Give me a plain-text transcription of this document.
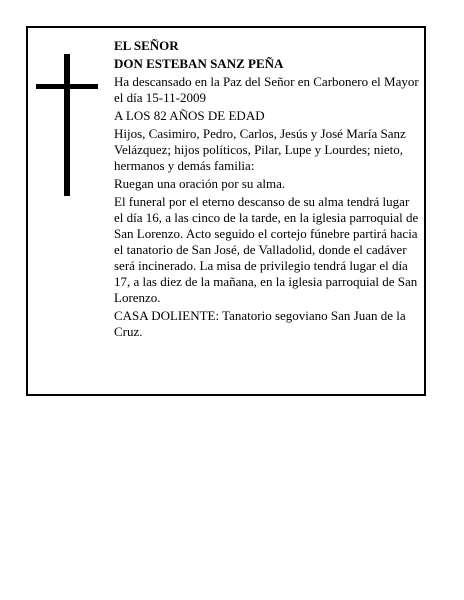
EL SEÑOR

DON ESTEBAN SANZ PEÑA

Ha descansado en la Paz del Señor en Carbonero el Mayor el día 15-11-2009

A LOS 82 AÑOS DE EDAD

Hijos, Casimiro, Pedro, Carlos, Jesús y José María Sanz Velázquez; hijos políticos, Pilar, Lupe y Lourdes; nieto, hermanos y demás familia:

Ruegan una oración por su alma.

El funeral por el eterno descanso de su alma tendrá lugar el día 16, a las cinco de la tarde, en la iglesia parroquial de San Lorenzo. Acto seguido el cortejo fúnebre partirá hacia el tanatorio de San José, de Valladolid, donde el cadáver será incinerado. La misa de privilegio tendrá lugar el día 17, a las diez de la mañana, en la iglesia parroquial de San Lorenzo.

CASA DOLIENTE: Tanatorio segoviano San Juan de la Cruz.
